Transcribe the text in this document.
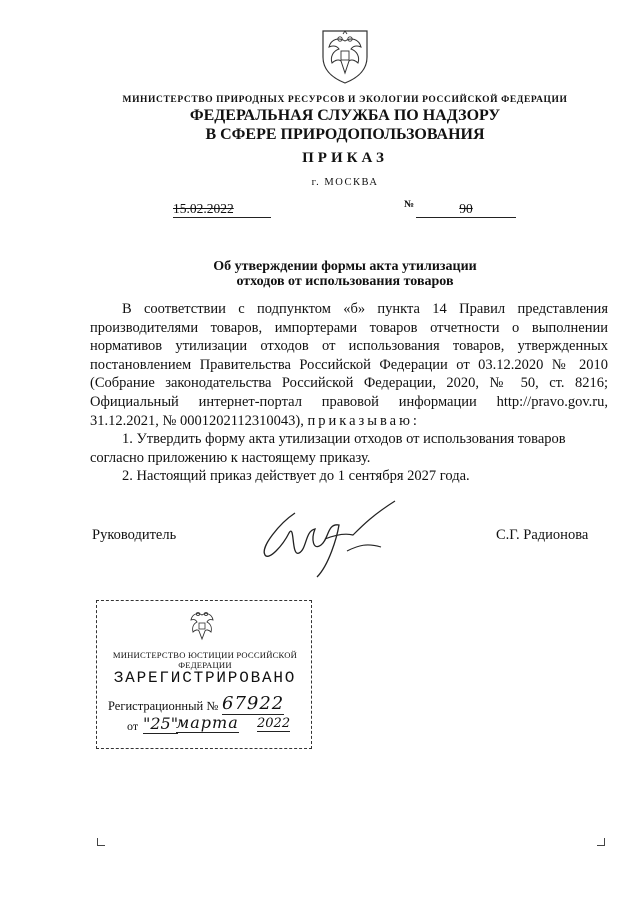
МИНИСТЕРСТВО ПРИРОДНЫХ РЕСУРСОВ И ЭКОЛОГИИ РОССИЙСКОЙ ФЕДЕРАЦИИ
ФЕДЕРАЛЬНАЯ СЛУЖБА ПО НАДЗОРУ
В СФЕРЕ ПРИРОДОПОЛЬЗОВАНИЯ
ПРИКАЗ
г. МОСКВА
15.02.2022	№	90
Об утверждении формы акта утилизации
отходов от использования товаров

В соответствии с подпунктом «б» пункта 14 Правил представления производителями товаров, импортерами товаров отчетности о выполнении нормативов утилизации отходов от использования товаров, утвержденных постановлением Правительства Российской Федерации от 03.12.2020 № 2010 (Собрание законодательства Российской Федерации, 2020, № 50, ст. 8216; Официальный интернет-портал правовой информации http://pravo.gov.ru, 31.12.2021, № 0001202112310043), приказываю:

1. Утвердить форму акта утилизации отходов от использования товаров согласно приложению к настоящему приказу.

2. Настоящий приказ действует до 1 сентября 2027 года.

Руководитель	С.Г. Радионова
МИНИСТЕРСТВО ЮСТИЦИИ РОССИЙСКОЙ ФЕДЕРАЦИИ
ЗАРЕГИСТРИРОВАНО
Регистрационный № 67922
от "25"
марта 2022
